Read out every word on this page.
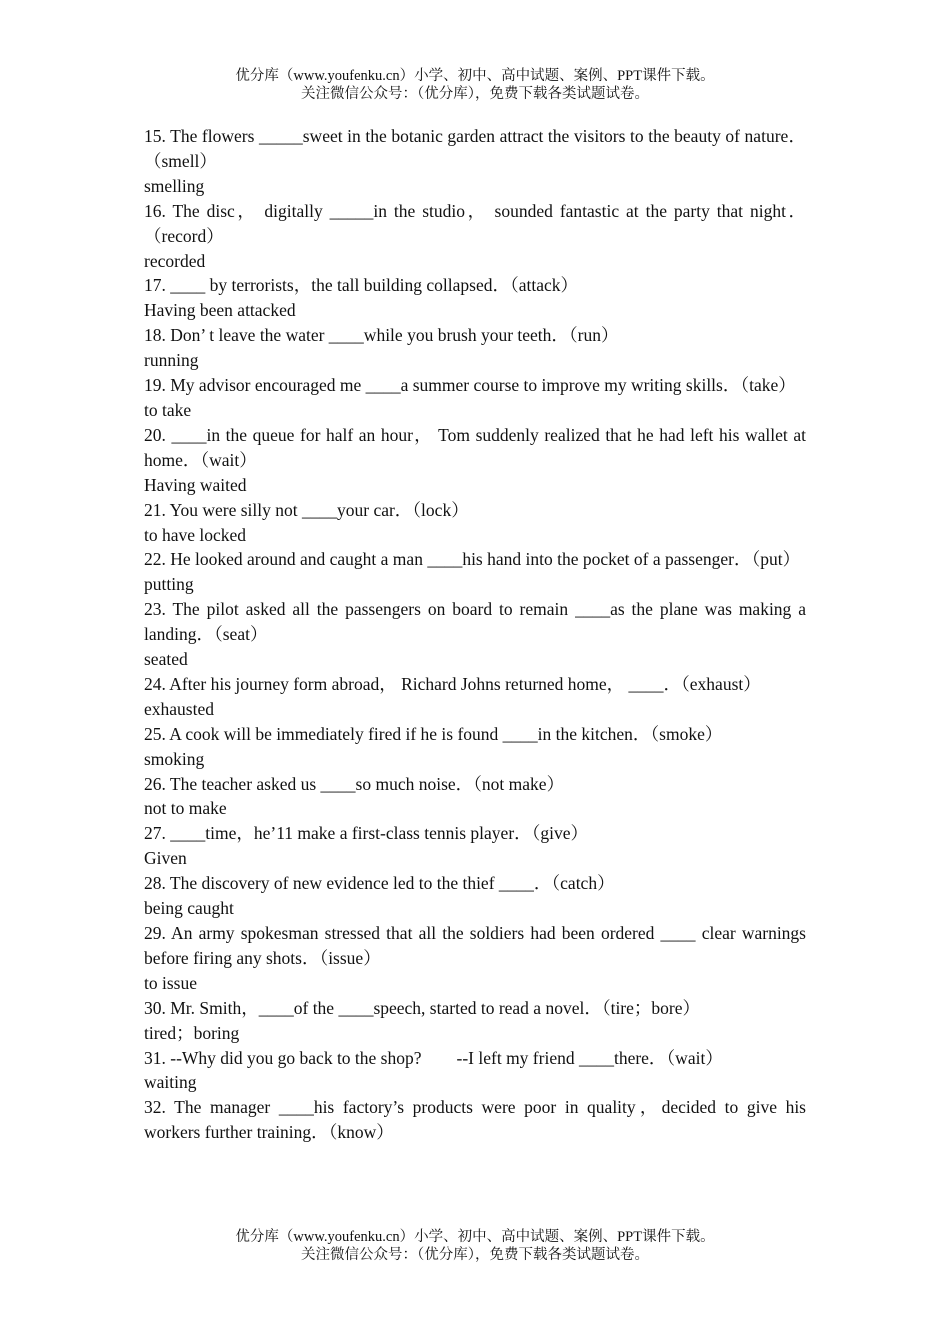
优分库（www.youfenku.cn）小学、初中、高中试题、案例、PPT课件下载。
关注微信公众号：（优分库），免费下载各类试题试卷。
15. The flowers _____sweet in the botanic garden attract the visitors to the beauty of nature．（smell）
smelling
16. The disc， digitally _____in the studio， sounded fantastic at the party that night．（record）
recorded
17. ____ by terrorists，the tall building collapsed．（attack）
Having been attacked
18. Don’ t leave the water ____while you brush your teeth．（run）
running
19. My advisor encouraged me ____a summer course to improve my writing skills．（take）
to take
20. ____in the queue for half an hour， Tom suddenly realized that he had left his wallet at home．（wait）
Having waited
21. You were silly not ____your car．（lock）
to have locked
22. He looked around and caught a man ____his hand into the pocket of a passenger．（put）
putting
23. The pilot asked all the passengers on board to remain ____as the plane was making a landing．（seat）
seated
24. After his journey form abroad， Richard Johns returned home， ____．（exhaust）
exhausted
25. A cook will be immediately fired if he is found ____in the kitchen．（smoke）
smoking
26. The teacher asked us ____so much noise．（not make）
not to make
27. ____time，he’11 make a first-class tennis player．（give）
Given
28. The discovery of new evidence led to the thief ____．（catch）
being caught
29. An army spokesman stressed that all the soldiers had been ordered ____ clear warnings before firing any shots．（issue）
to issue
30. Mr. Smith，____of the ____speech, started to read a novel．（tire；bore）
tired；boring
31. --Why did you go back to the shop?　　--I left my friend ____there．（wait）
waiting
32. The manager ____his factory’s products were poor in quality，decided to give his workers further training．（know）
优分库（www.youfenku.cn）小学、初中、高中试题、案例、PPT课件下载。
关注微信公众号：（优分库），免费下载各类试题试卷。
